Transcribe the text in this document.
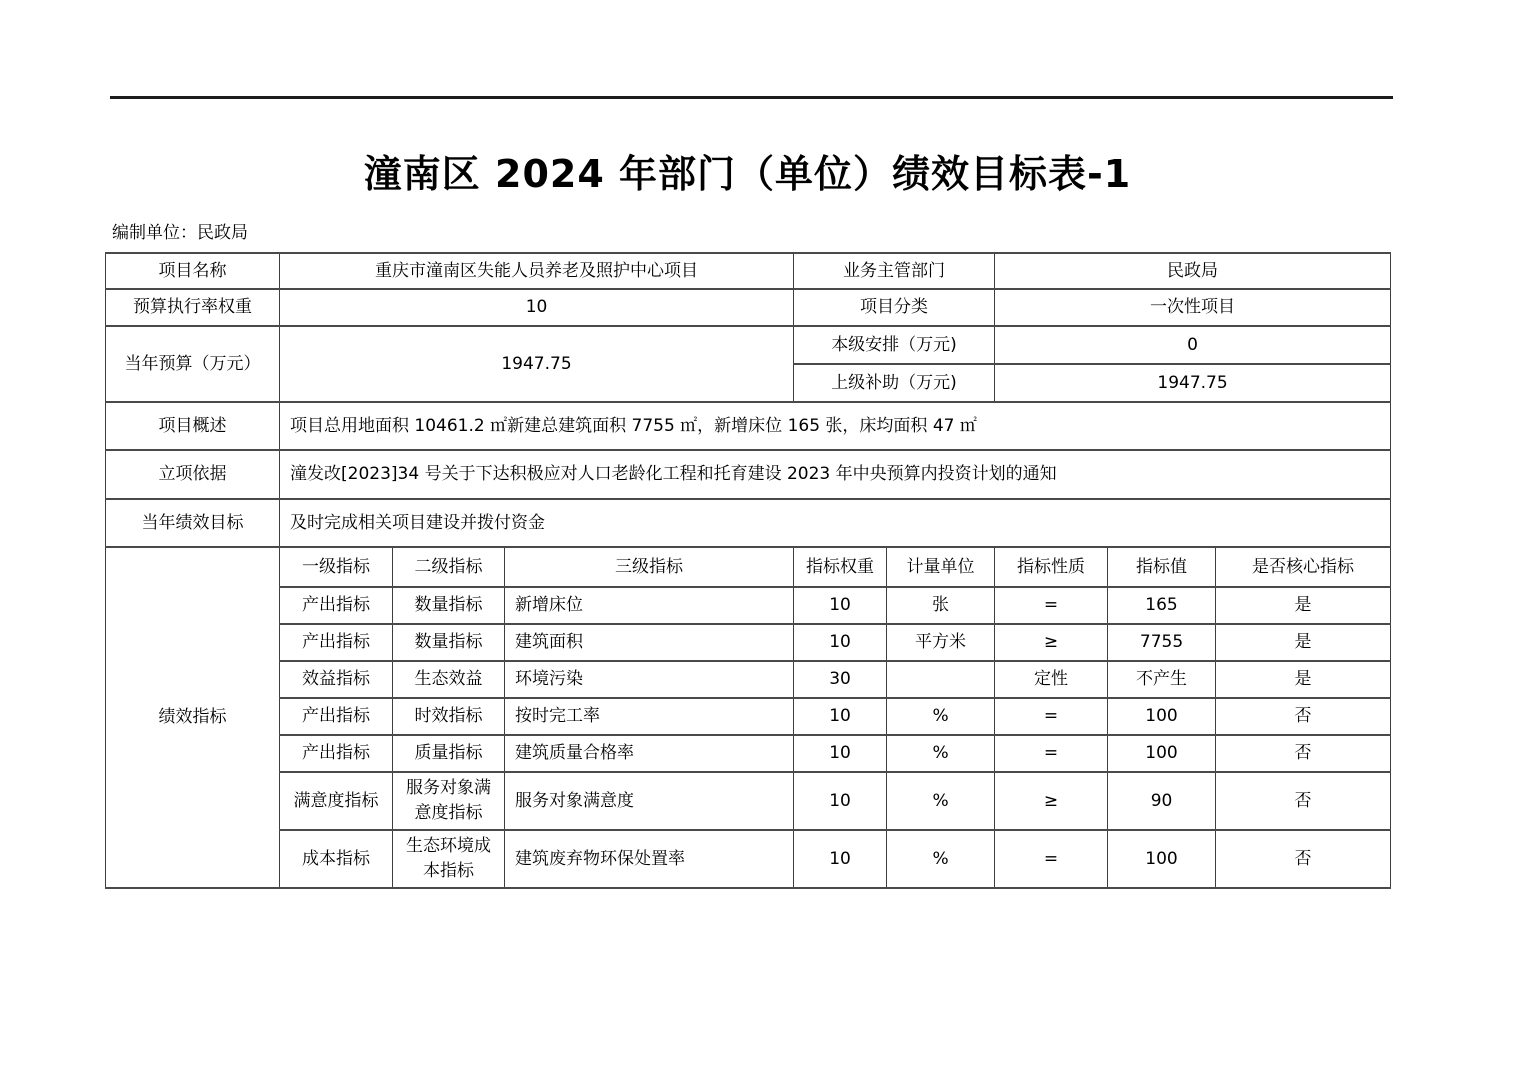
潼南区 2024 年部门（单位）绩效目标表-1
编制单位：民政局
项目名称	重庆市潼南区失能人员养老及照护中心项目			业务主管部门		民政局		
预算执行率权重	10			项目分类		一次性项目		
当年预算（万元）	1947.75			本级安排（万元)		0		
				上级补助（万元)		1947.75		
项目概述	项目总用地面积 10461.2 ㎡新建总建筑面积 7755 ㎡，新增床位 165 张，床均面积 47 ㎡							
立项依据	潼发改[2023]34 号关于下达积极应对人口老龄化工程和托育建设 2023 年中央预算内投资计划的通知							
当年绩效目标	及时完成相关项目建设并拨付资金							
绩效指标	一级指标	二级指标	三级指标	指标权重	计量单位	指标性质	指标值	是否核心指标
	产出指标	数量指标	新增床位	10	张	=	165	是
	产出指标	数量指标	建筑面积	10	平方米	≥	7755	是
	效益指标	生态效益	环境污染	30		定性	不产生	是
	产出指标	时效指标	按时完工率	10	%	=	100	否
	产出指标	质量指标	建筑质量合格率	10	%	=	100	否
	满意度指标	服务对象满意度指标	服务对象满意度	10	%	≥	90	否
	成本指标	生态环境成本指标	建筑废弃物环保处置率	10	%	=	100	否
